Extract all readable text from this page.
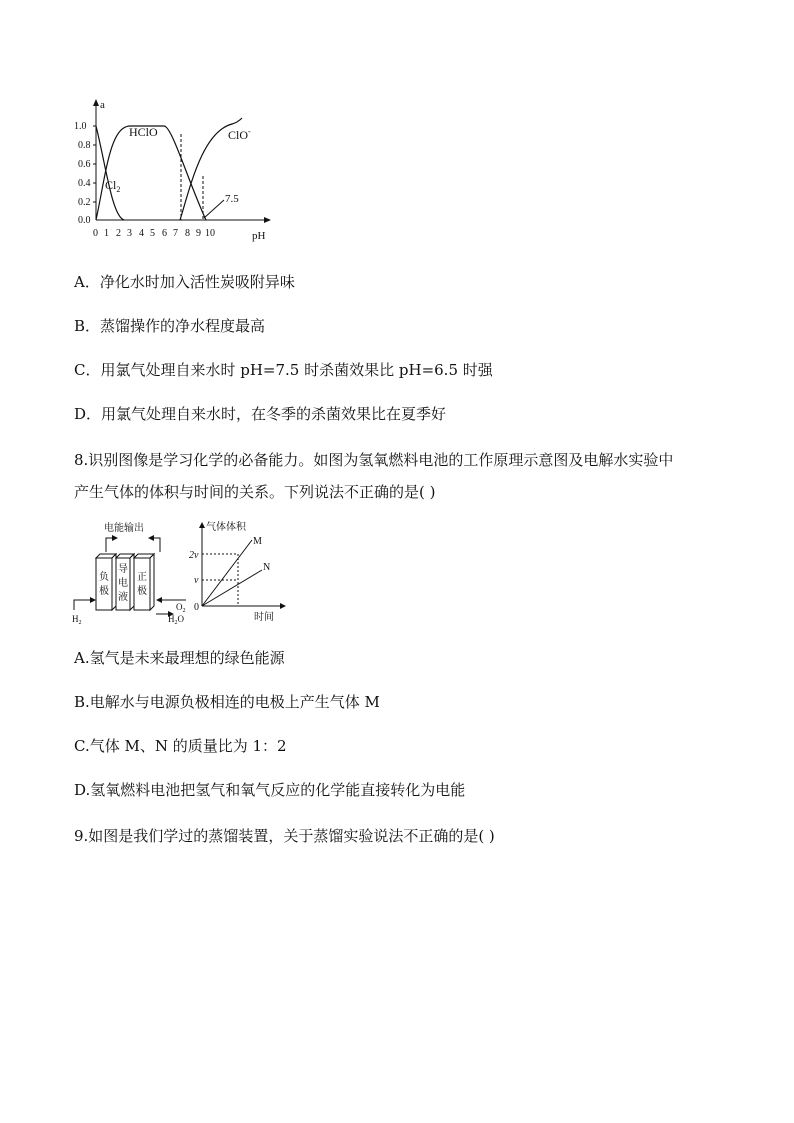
a
pH
1.0
0.8
0.6
0.4
0.2
0.0
0 1 2 3 4 5 6 7 8 9 10
HClO	ClO-
$Cl_2$
7.5
A．净化水时加入活性炭吸附异味
B．蒸馏操作的净水程度最高
C．用氯气处理自来水时 pH=7.5 时杀菌效果比 pH=6.5 时强
D．用氯气处理自来水时，在冬季的杀菌效果比在夏季好
8.识别图像是学习化学的必备能力。如图为氢氧燃料电池的工作原理示意图及电解水实验中
产生气体的体积与时间的关系。下列说法不正确的是( )
电能输出
负
极
导
电
液
正
极
$H_2$
$O_2$
$H_2O$
气体体积
时间
2v
v
0
M
N
A.氢气是未来最理想的绿色能源
B.电解水与电源负极相连的电极上产生气体 M
C.气体 M、N 的质量比为 1：2
D.氢氧燃料电池把氢气和氧气反应的化学能直接转化为电能
9.如图是我们学过的蒸馏装置，关于蒸馏实验说法不正确的是( )
